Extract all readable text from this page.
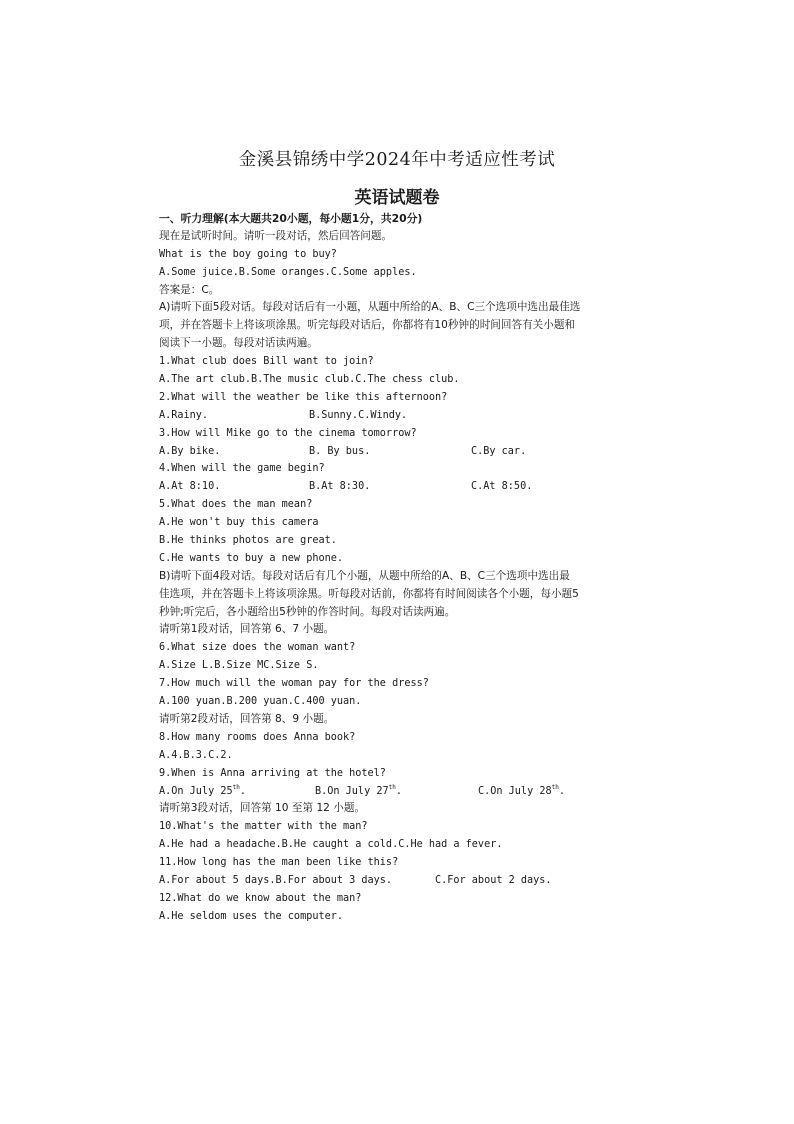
金溪县锦绣中学2024年中考适应性考试
英语试题卷
一、听力理解(本大题共20小题，每小题1分，共20分)
现在是试听时间。请听一段对话，然后回答问题。
What is the boy going to buy?
A.Some juice.B.Some oranges.C.Some apples.
答案是：C。
A)请听下面5段对话。每段对话后有一小题，从题中所给的A、B、C三个选项中选出最佳选
项，并在答题卡上将该项涂黑。听完每段对话后，你都将有10秒钟的时间回答有关小题和
阅读下一小题。每段对话读两遍。
1.What club does Bill want to join?
A.The art club.B.The music club.C.The chess club.
2.What will the weather be like this afternoon?
A.Rainy.	B.Sunny.C.Windy.
3.How will Mike go to the cinema tomorrow?
A.By bike.	B. By bus.	C.By car.
4.When will the game begin?
A.At 8:10.	B.At 8:30.	C.At 8:50.
5.What does the man mean?
A.He won't buy this camera
B.He thinks photos are great.
C.He wants to buy a new phone.
B)请听下面4段对话。每段对话后有几个小题，从题中所给的A、B、C三个选项中选出最
佳选项，并在答题卡上将该项涂黑。听每段对话前，你都将有时间阅读各个小题，每小题5
秒钟;听完后，各小题给出5秒钟的作答时间。每段对话读两遍。
请听第1段对话，回答第 6、7 小题。
6.What size does the woman want?
A.Size L.B.Size MC.Size S.
7.How much will the woman pay for the dress?
A.100 yuan.B.200 yuan.C.400 yuan.
请听第2段对话，回答第 8、9 小题。
8.How many rooms does Anna book?
A.4.B.3.C.2.
9.When is Anna arriving at the hotel?
A.On July 25th.	B.On July 27th.	C.On July 28th.
请听第3段对话，回答第 10 至第 12 小题。
10.What's the matter with the man?
A.He had a headache.B.He caught a cold.C.He had a fever.
11.How long has the man been like this?
A.For about 5 days.B.For about 3 days.	C.For about 2 days.
12.What do we know about the man?
A.He seldom uses the computer.
